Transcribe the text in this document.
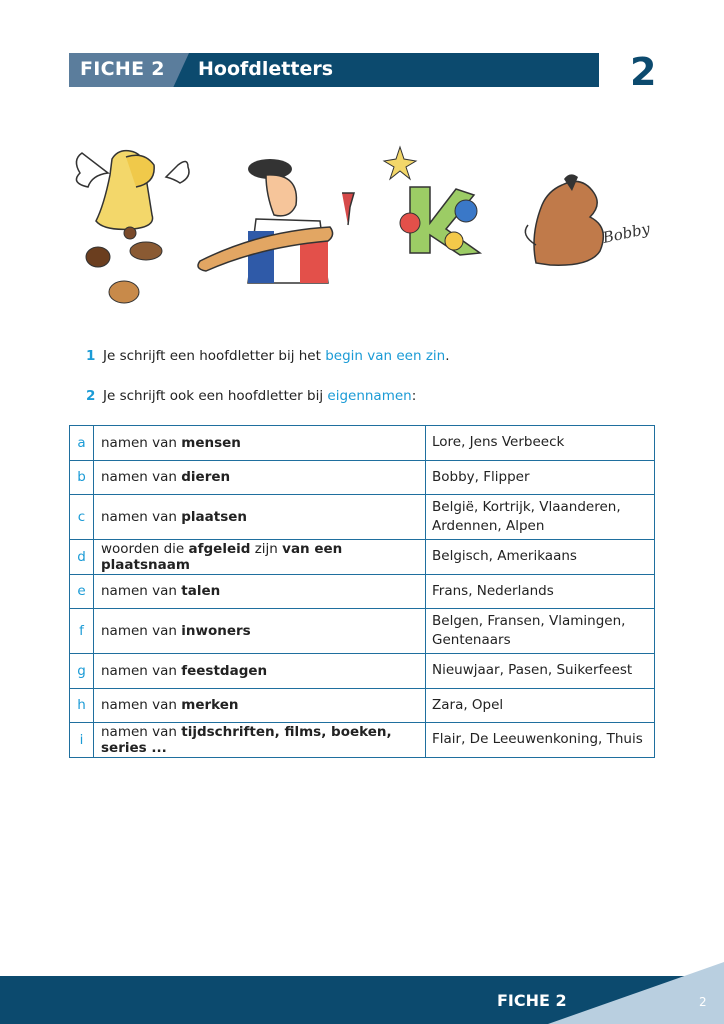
FICHE 2 Hoofdletters	2
Bobby
1 Je schrijft een hoofdletter bij het begin van een zin.
2 Je schrijft ook een hoofdletter bij eigennamen:
a	namen van mensen	Lore, Jens Verbeeck
b	namen van dieren	Bobby, Flipper
c	namen van plaatsen	België, Kortrijk, Vlaanderen, Ardennen, Alpen
d	woorden die afgeleid zijn van een plaatsnaam	Belgisch, Amerikaans
e	namen van talen	Frans, Nederlands
f	namen van inwoners	Belgen, Fransen, Vlamingen, Gentenaars
g	namen van feestdagen	Nieuwjaar, Pasen, Suikerfeest
h	namen van merken	Zara, Opel
i	namen van tijdschriften, films, boeken, series ...	Flair, De Leeuwenkoning, Thuis
FICHE 2	2
